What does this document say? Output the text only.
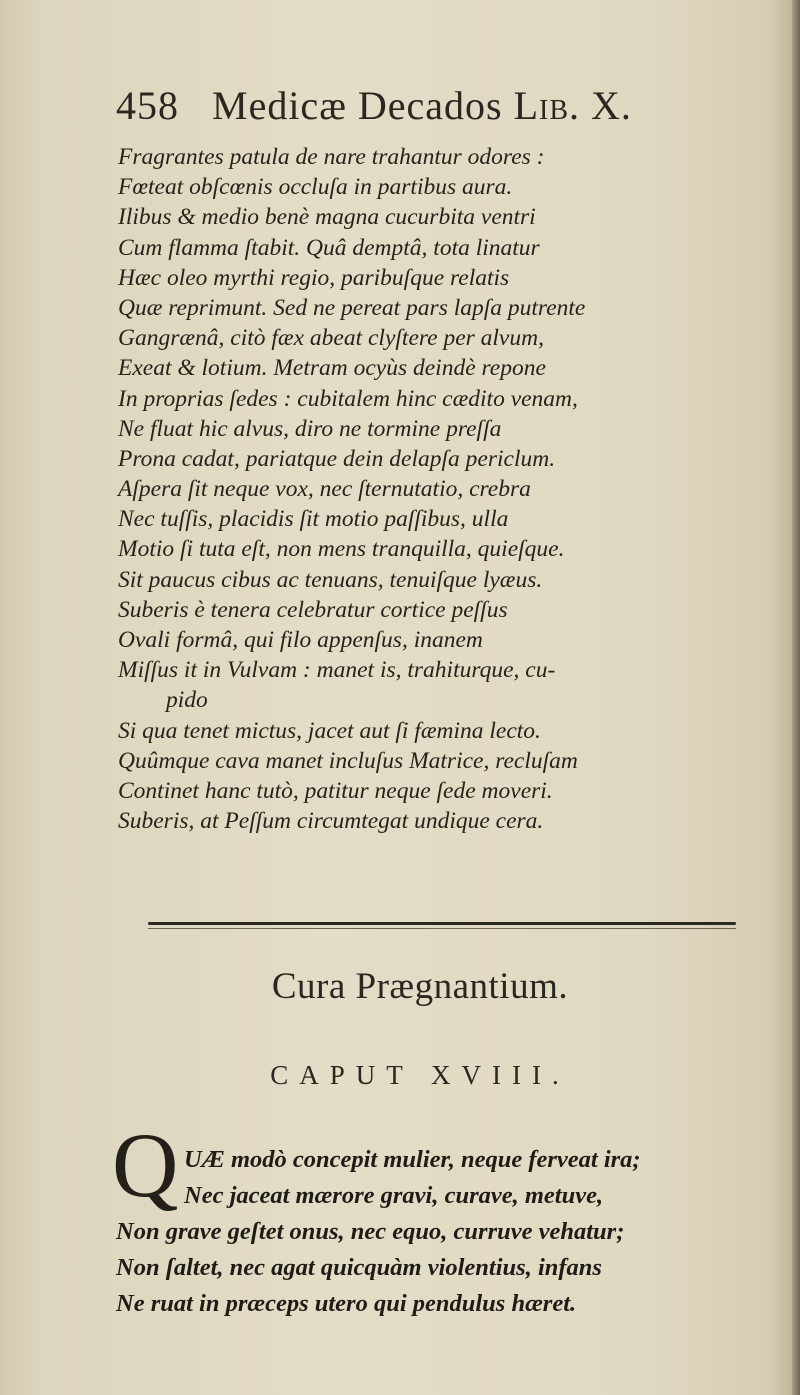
458 Medicæ Decados Lib. X.
Fragrantes patula de nare trahantur odores :
Fœteat obſcœnis occluſa in partibus aura.
Ilibus & medio benè magna cucurbita ventri
Cum flamma ſtabit. Quâ demptâ, tota linatur
Hæc oleo myrthi regio, paribuſque relatis
Quæ reprimunt. Sed ne pereat pars lapſa putrente
Gangrænâ, citò fæx abeat clyſtere per alvum,
Exeat & lotium. Metram ocyùs deindè repone
In proprias ſedes : cubitalem hinc cædito venam,
Ne fluat hic alvus, diro ne tormine preſſa
Prona cadat, pariatque dein delapſa periclum.
Aſpera ſit neque vox, nec ſternutatio, crebra
Nec tuſſis, placidis ſit motio paſſibus, ulla
Motio ſi tuta eſt, non mens tranquilla, quieſque.
Sit paucus cibus ac tenuans, tenuiſque lyæus.
Suberis è tenera celebratur cortice peſſus
Ovali formâ, qui filo appenſus, inanem
Miſſus it in Vulvam : manet is, trahiturque, cu-
pido
Si qua tenet mictus, jacet aut ſi fæmina lecto.
Quûmque cava manet incluſus Matrice, recluſam
Continet hanc tutò, patitur neque ſede moveri.
Suberis, at Peſſum circumtegat undique cera.
Cura Prægnantium.
CAPUT XVIII.
Q UÆ modò concepit mulier, neque ferveat ira;
Nec jaceat mærore gravi, curave, metuve,
Non grave geſtet onus, nec equo, curruve vehatur;
Non ſaltet, nec agat quicquàm violentius, infans
Ne ruat in præceps utero qui pendulus hæret.
